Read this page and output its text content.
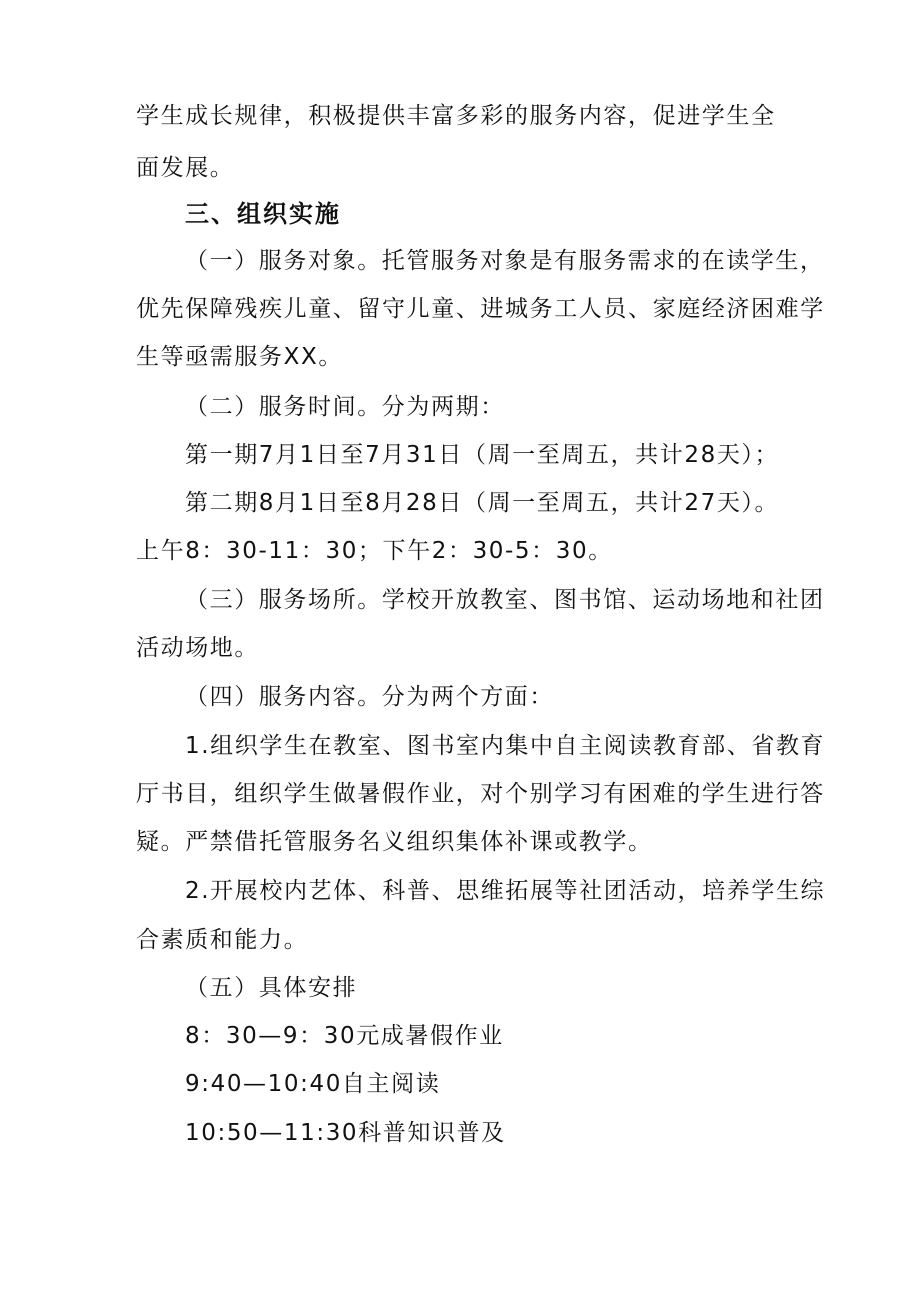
学生成长规律，积极提供丰富多彩的服务内容，促进学生全
面发展。
三、组织实施
（一）服务对象。托管服务对象是有服务需求的在读学生，
优先保障残疾儿童、留守儿童、进城务工人员、家庭经济困难学
生等亟需服务XX。
（二）服务时间。分为两期：
第一期7月1日至7月31日（周一至周五，共计28天）；
第二期8月1日至8月28日（周一至周五，共计27天）。
上午8：30-11：30；下午2：30-5：30。
（三）服务场所。学校开放教室、图书馆、运动场地和社团
活动场地。
（四）服务内容。分为两个方面：
1.组织学生在教室、图书室内集中自主阅读教育部、省教育
厅书目，组织学生做暑假作业，对个别学习有困难的学生进行答
疑。严禁借托管服务名义组织集体补课或教学。
2.开展校内艺体、科普、思维拓展等社团活动，培养学生综
合素质和能力。
（五）具体安排
8：30—9：30元成暑假作业
9:40—10:40自主阅读
10:50—11:30科普知识普及
